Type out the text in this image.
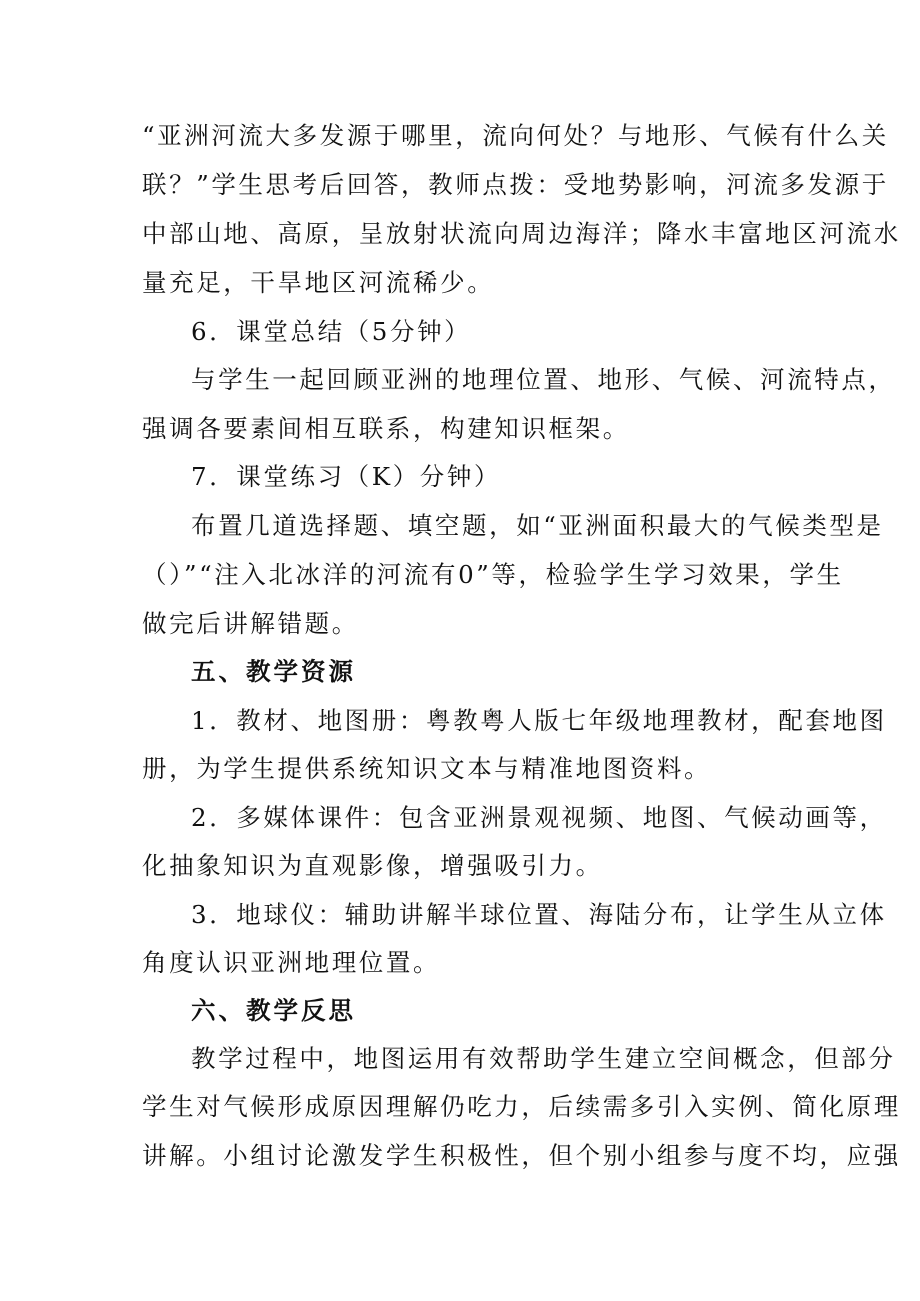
“亚洲河流大多发源于哪里，流向何处？与地形、气候有什么关
联？”学生思考后回答，教师点拨：受地势影响，河流多发源于
中部山地、高原，呈放射状流向周边海洋；降水丰富地区河流水
量充足，干旱地区河流稀少。
6．课堂总结（5分钟）
与学生一起回顾亚洲的地理位置、地形、气候、河流特点，
强调各要素间相互联系，构建知识框架。
7．课堂练习（K）分钟）
布置几道选择题、填空题，如“亚洲面积最大的气候类型是
（）”“注入北冰洋的河流有0”等，检验学生学习效果，学生
做完后讲解错题。
五、教学资源
1．教材、地图册：粤教粤人版七年级地理教材，配套地图
册，为学生提供系统知识文本与精准地图资料。
2．多媒体课件：包含亚洲景观视频、地图、气候动画等，
化抽象知识为直观影像，增强吸引力。
3．地球仪：辅助讲解半球位置、海陆分布，让学生从立体
角度认识亚洲地理位置。
六、教学反思
教学过程中，地图运用有效帮助学生建立空间概念，但部分
学生对气候形成原因理解仍吃力，后续需多引入实例、简化原理
讲解。小组讨论激发学生积极性，但个别小组参与度不均，应强
